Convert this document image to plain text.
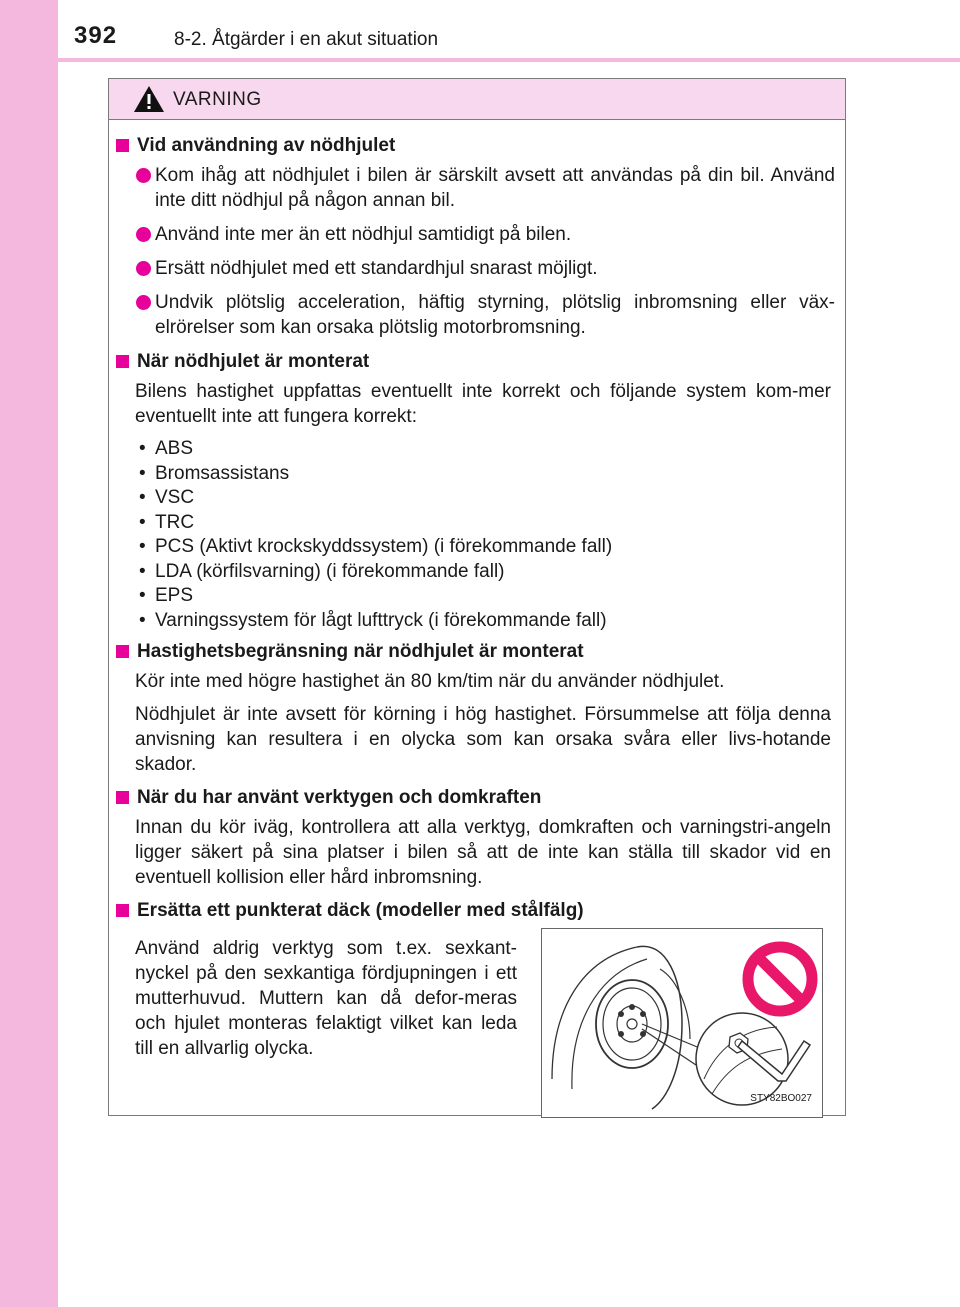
392	8-2. Åtgärder i en akut situation
VARNING
Vid användning av nödhjulet
Kom ihåg att nödhjulet i bilen är särskilt avsett att användas på din bil. Använd inte ditt nödhjul på någon annan bil.
Använd inte mer än ett nödhjul samtidigt på bilen.
Ersätt nödhjulet med ett standardhjul snarast möjligt.
Undvik plötslig acceleration, häftig styrning, plötslig inbromsning eller väx-elrörelser som kan orsaka plötslig motorbromsning.
När nödhjulet är monterat
Bilens hastighet uppfattas eventuellt inte korrekt och följande system kom-mer eventuellt inte att fungera korrekt:
• ABS
• Bromsassistans
• VSC
• TRC
• PCS (Aktivt krockskyddssystem) (i förekommande fall)
• LDA (körfilsvarning) (i förekommande fall)
• EPS
• Varningssystem för lågt lufttryck (i förekommande fall)
Hastighetsbegränsning när nödhjulet är monterat
Kör inte med högre hastighet än 80 km/tim när du använder nödhjulet.
Nödhjulet är inte avsett för körning i hög hastighet. Försummelse att följa denna anvisning kan resultera i en olycka som kan orsaka svåra eller livs-hotande skador.
När du har använt verktygen och domkraften
Innan du kör iväg, kontrollera att alla verktyg, domkraften och varningstri-angeln ligger säkert på sina platser i bilen så att de inte kan ställa till skador vid en eventuell kollision eller hård inbromsning.
Ersätta ett punkterat däck (modeller med stålfälg)
Använd aldrig verktyg som t.ex. sexkant-nyckel på den sexkantiga fördjupningen i ett mutterhuvud. Muttern kan då defor-meras och hjulet monteras felaktigt vilket kan leda till en allvarlig olycka.
STY82BO027
